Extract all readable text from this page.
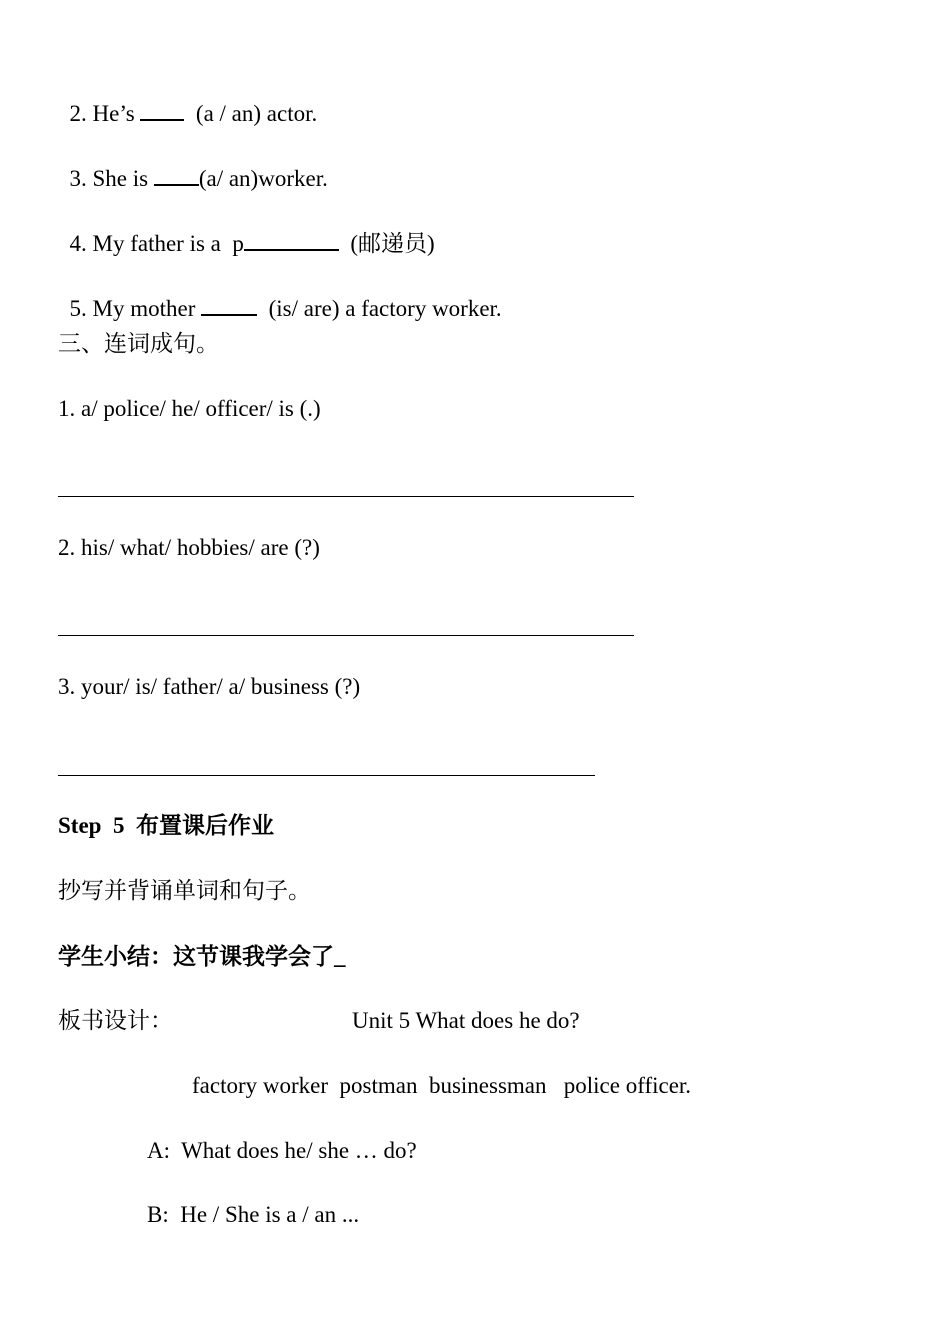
2. He’s   (a / an) actor.

3. She is (a/ an)worker.

4. My father is a  p	(邮递员)

5. My mother   (is/ are) a factory worker.

三、连词成句。
1. a/ police/ he/ officer/ is (.)
2. his/ what/ hobbies/ are (?)
3. your/ is/ father/ a/ business (?)
Step  5  布置课后作业
抄写并背诵单词和句子。
学生小结：这节课我学会了_
板书设计：	Unit 5 What does he do?
factory worker  postman  businessman   police officer.
A:  What does he/ she … do?
B:  He / She is a / an ...
